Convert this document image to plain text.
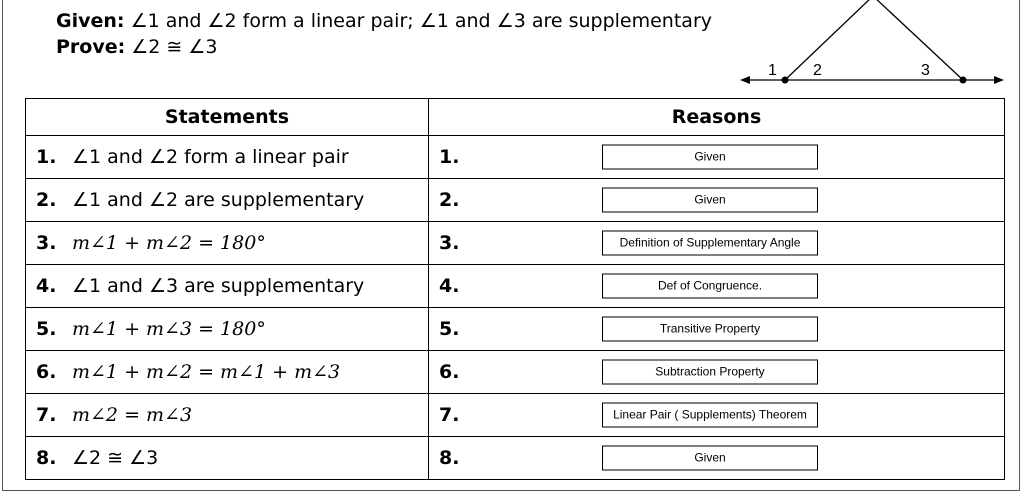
Given: ∠1 and ∠2 form a linear pair; ∠1 and ∠3 are supplementary
Prove: ∠2 ≅ ∠3
1 2	3
Statements	Reasons
1. ∠1 and ∠2 form a linear pair	1. Given

2. ∠1 and ∠2 are supplementary	2. Given

3. m∠1 + m∠2 = 180°	3. Definition of Supplementary Angle

4. ∠1 and ∠3 are supplementary	4. Def of Congruence.

5. m∠1 + m∠3 = 180°	5. Transitive Property

6. m∠1 + m∠2 = m∠1 + m∠3	6. Subtraction Property

7. m∠2 = m∠3	7. Linear Pair ( Supplements) Theorem

8. ∠2 ≅ ∠3	8. Given
